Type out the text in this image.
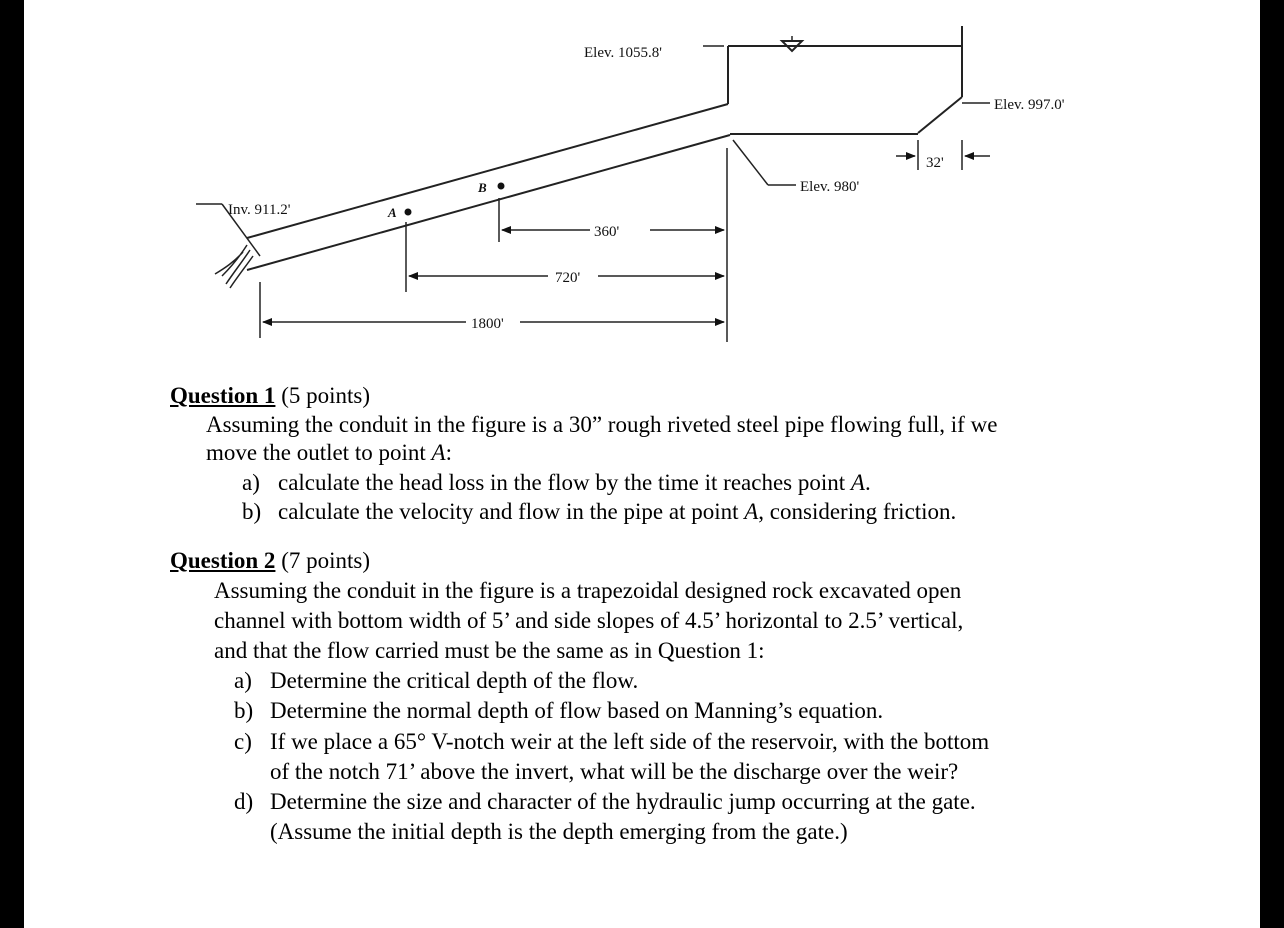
Elev. 1055.8'
Elev. 997.0'
Elev. 980'
Inv. 911.2'
B
A
32'
360'
720'
1800'
Question 1 (5 points)
Assuming the conduit in the figure is a 30” rough riveted steel pipe flowing full, if we
move the outlet to point A:
a) calculate the head loss in the flow by the time it reaches point A.
b) calculate the velocity and flow in the pipe at point A, considering friction.
Question 2 (7 points)
Assuming the conduit in the figure is a trapezoidal designed rock excavated open
channel with bottom width of 5’ and side slopes of 4.5’ horizontal to 2.5’ vertical,
and that the flow carried must be the same as in Question 1:
a) Determine the critical depth of the flow.
b) Determine the normal depth of flow based on Manning’s equation.
c) If we place a 65° V-notch weir at the left side of the reservoir, with the bottom
of the notch 71’ above the invert, what will be the discharge over the weir?
d) Determine the size and character of the hydraulic jump occurring at the gate.
(Assume the initial depth is the depth emerging from the gate.)
